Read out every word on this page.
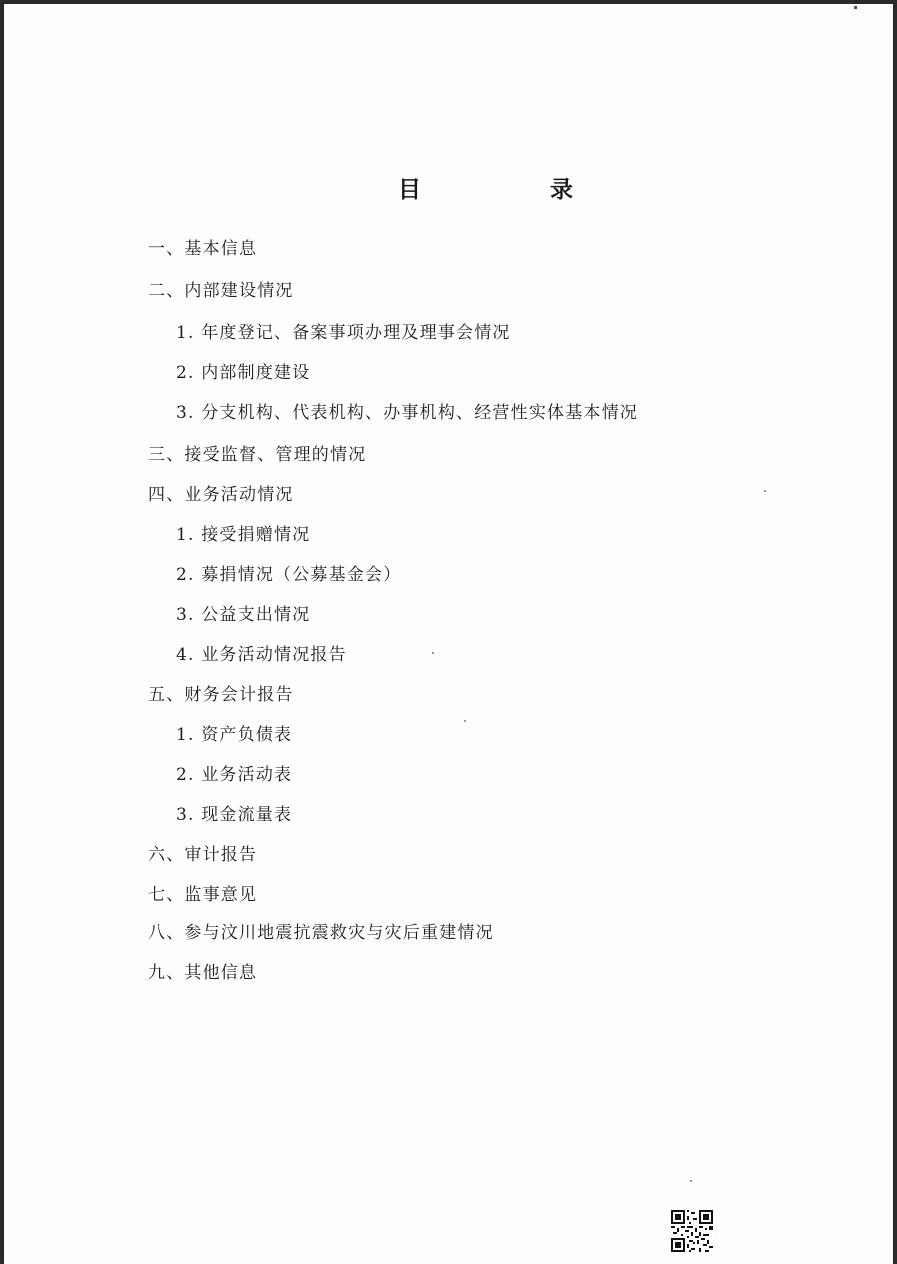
目	录
一、基本信息
二、内部建设情况
1. 年度登记、备案事项办理及理事会情况
2. 内部制度建设
3. 分支机构、代表机构、办事机构、经营性实体基本情况
三、接受监督、管理的情况
四、业务活动情况
1. 接受捐赠情况
2. 募捐情况（公募基金会）
3. 公益支出情况
4. 业务活动情况报告
五、财务会计报告
1. 资产负债表
2. 业务活动表
3. 现金流量表
六、审计报告
七、监事意见
八、参与汶川地震抗震救灾与灾后重建情况
九、其他信息
